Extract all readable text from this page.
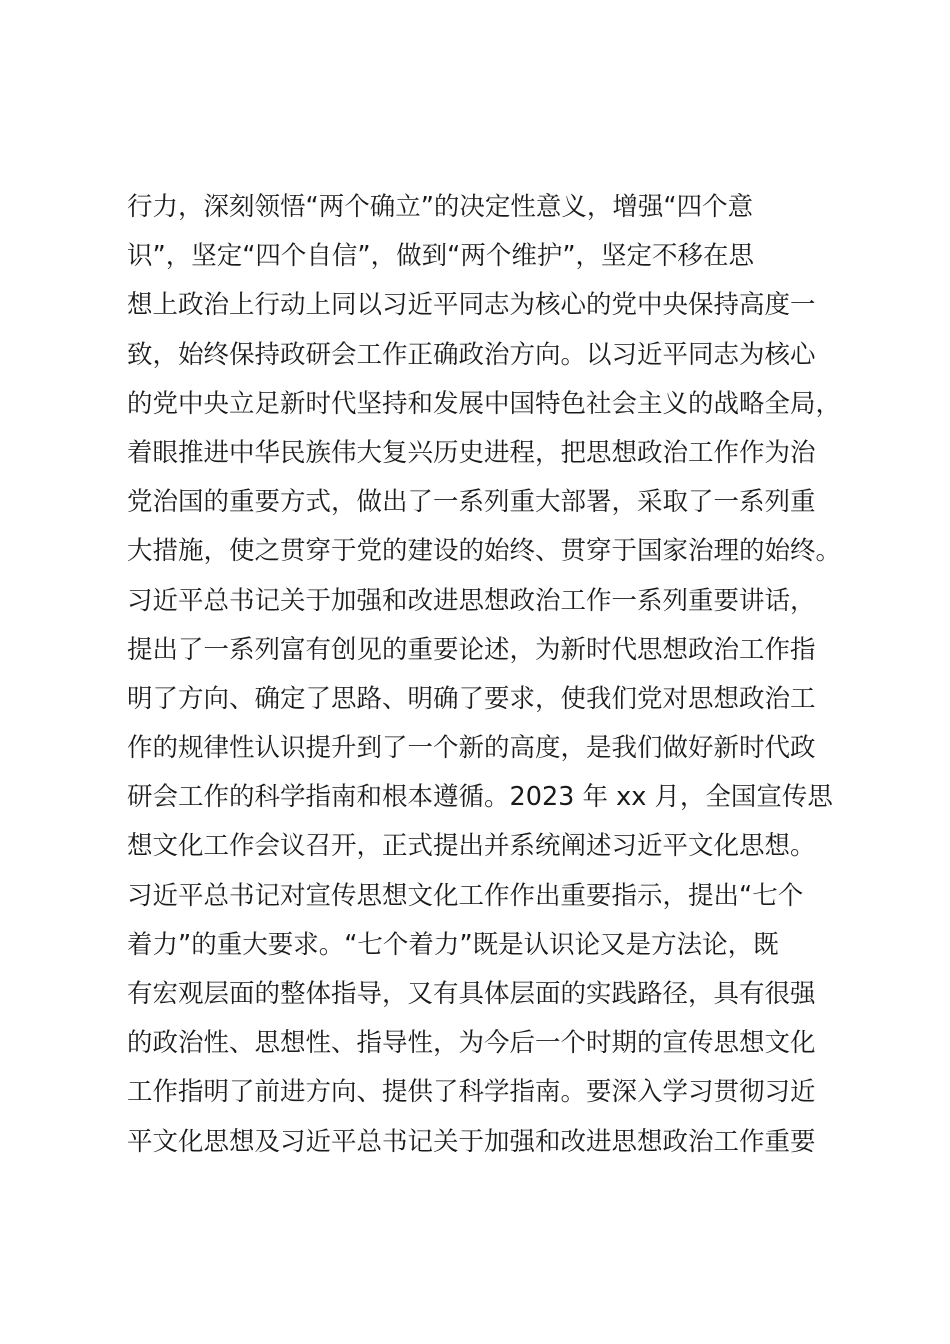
行力，深刻领悟“两个确立”的决定性意义，增强“四个意
识”，坚定“四个自信”，做到“两个维护”，坚定不移在思
想上政治上行动上同以习近平同志为核心的党中央保持高度一
致，始终保持政研会工作正确政治方向。以习近平同志为核心
的党中央立足新时代坚持和发展中国特色社会主义的战略全局，
着眼推进中华民族伟大复兴历史进程，把思想政治工作作为治
党治国的重要方式，做出了一系列重大部署，采取了一系列重
大措施，使之贯穿于党的建设的始终、贯穿于国家治理的始终。
习近平总书记关于加强和改进思想政治工作一系列重要讲话，
提出了一系列富有创见的重要论述，为新时代思想政治工作指
明了方向、确定了思路、明确了要求，使我们党对思想政治工
作的规律性认识提升到了一个新的高度，是我们做好新时代政
研会工作的科学指南和根本遵循。2023 年 xx 月，全国宣传思
想文化工作会议召开，正式提出并系统阐述习近平文化思想。
习近平总书记对宣传思想文化工作作出重要指示，提出“七个
着力”的重大要求。“七个着力”既是认识论又是方法论，既
有宏观层面的整体指导，又有具体层面的实践路径，具有很强
的政治性、思想性、指导性，为今后一个时期的宣传思想文化
工作指明了前进方向、提供了科学指南。要深入学习贯彻习近
平文化思想及习近平总书记关于加强和改进思想政治工作重要
